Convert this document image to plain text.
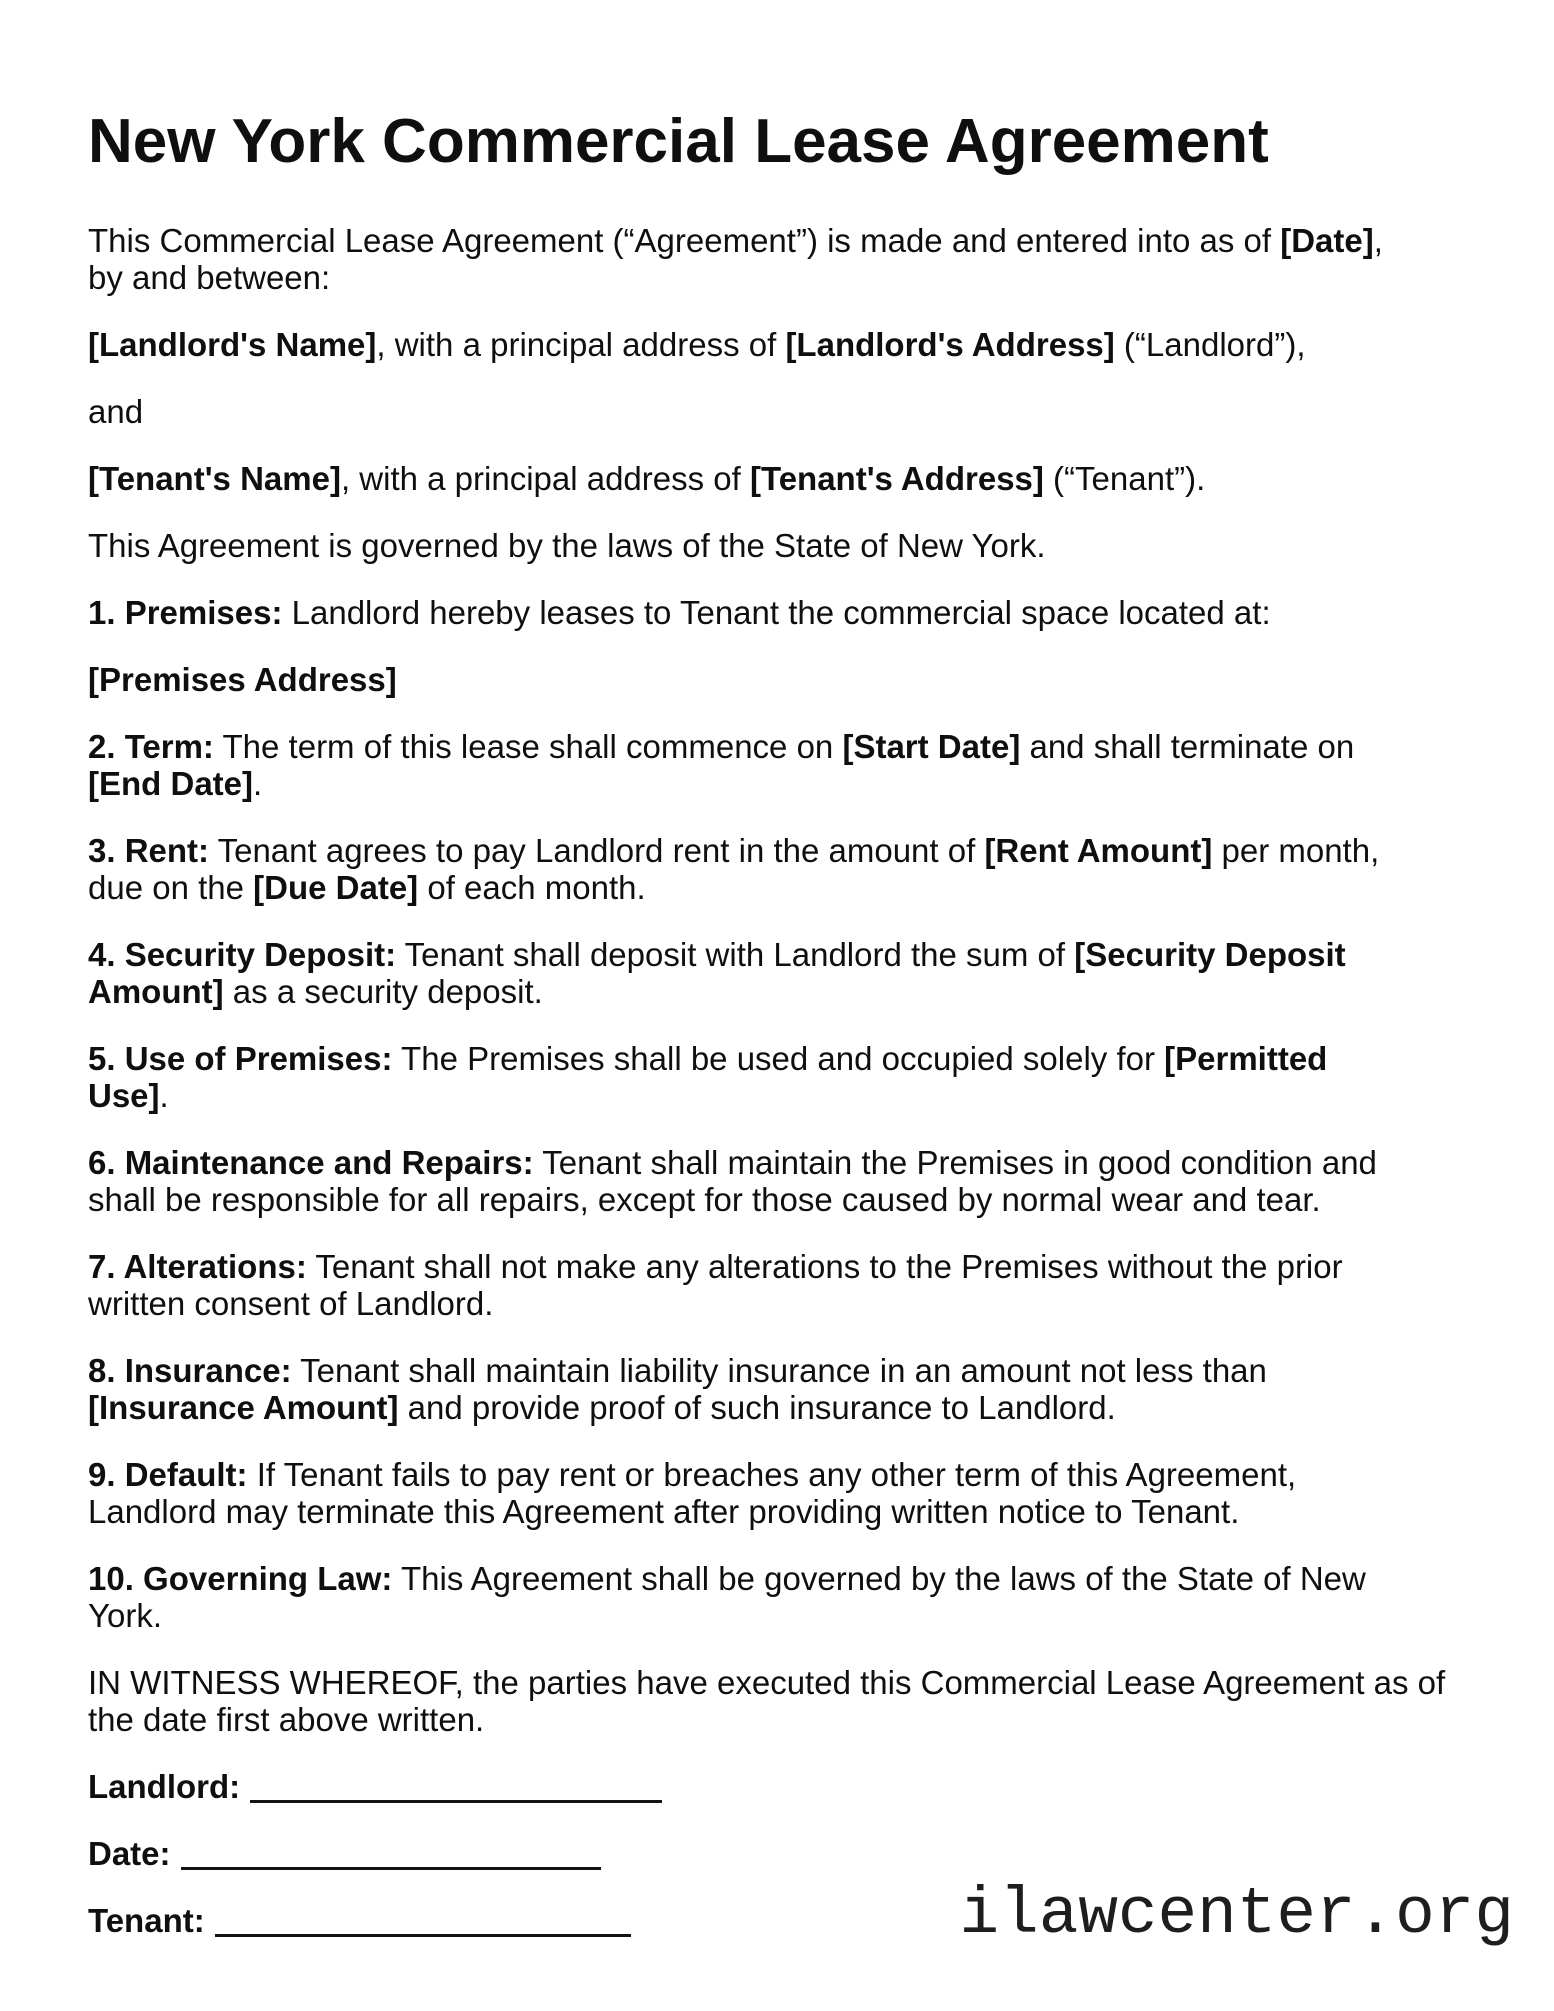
New York Commercial Lease Agreement

This Commercial Lease Agreement (“Agreement”) is made and entered into as of [Date],
by and between:

[Landlord's Name], with a principal address of [Landlord's Address] (“Landlord”),

and

[Tenant's Name], with a principal address of [Tenant's Address] (“Tenant”).

This Agreement is governed by the laws of the State of New York.

1. Premises: Landlord hereby leases to Tenant the commercial space located at:

[Premises Address]

2. Term: The term of this lease shall commence on [Start Date] and shall terminate on
[End Date].

3. Rent: Tenant agrees to pay Landlord rent in the amount of [Rent Amount] per month,
due on the [Due Date] of each month.

4. Security Deposit: Tenant shall deposit with Landlord the sum of [Security Deposit
Amount] as a security deposit.

5. Use of Premises: The Premises shall be used and occupied solely for [Permitted
Use].

6. Maintenance and Repairs: Tenant shall maintain the Premises in good condition and
shall be responsible for all repairs, except for those caused by normal wear and tear.

7. Alterations: Tenant shall not make any alterations to the Premises without the prior
written consent of Landlord.

8. Insurance: Tenant shall maintain liability insurance in an amount not less than
[Insurance Amount] and provide proof of such insurance to Landlord.

9. Default: If Tenant fails to pay rent or breaches any other term of this Agreement,
Landlord may terminate this Agreement after providing written notice to Tenant.

10. Governing Law: This Agreement shall be governed by the laws of the State of New
York.

IN WITNESS WHEREOF, the parties have executed this Commercial Lease Agreement as of
the date first above written.

Landlord:

Date:

Tenant:	ilawcenter.org
